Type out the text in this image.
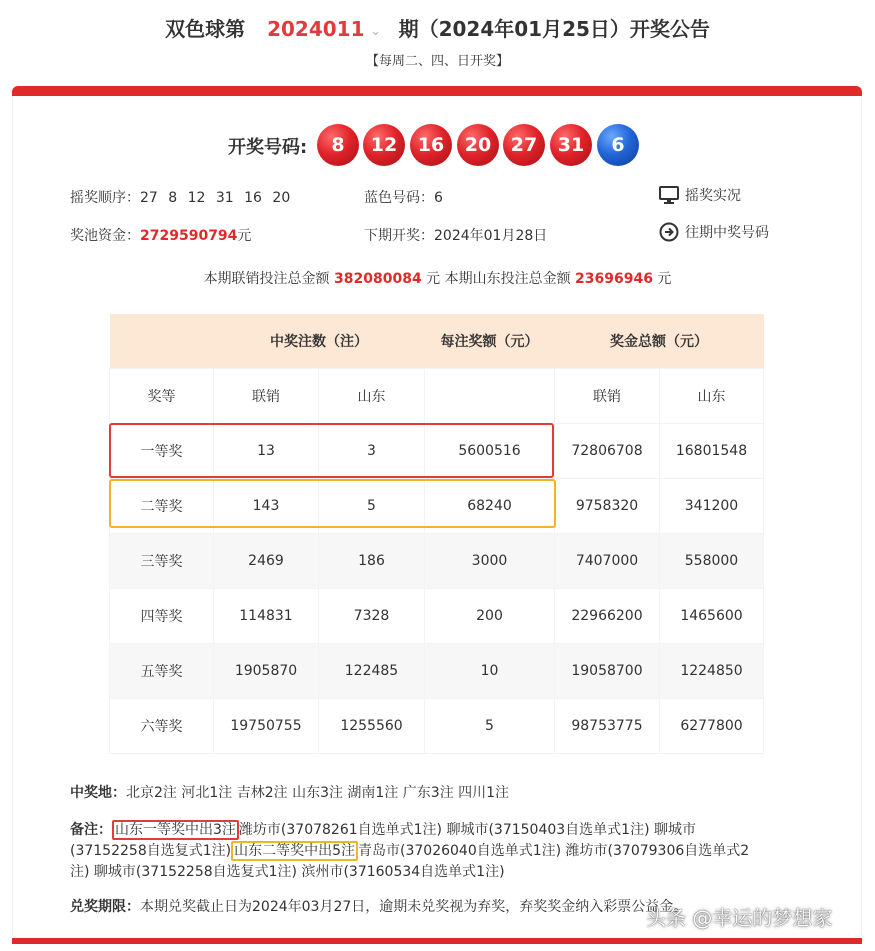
双色球第 2024011 ⌄ 期（2024年01月25日）开奖公告
【每周二、四、日开奖】
开奖号码:	8	12	16	20	27	31	6
摇奖顺序：27 8 12 31 16 20	蓝色号码：6	摇奖实况
奖池资金：2729590794元	下期开奖：2024年01月28日	往期中奖号码
本期联销投注总金额 382080084 元 本期山东投注总金额 23696946 元
	中奖注数（注）		每注奖额（元）	奖金总额（元）	
奖等	联销	山东		联销	山东
一等奖	13	3	5600516	72806708	16801548
二等奖	143	5	68240	9758320	341200
三等奖	2469	186	3000	7407000	558000
四等奖	114831	7328	200	22966200	1465600
五等奖	1905870	122485	10	19058700	1224850
六等奖	19750755	1255560	5	98753775	6277800
中奖地：北京2注 河北1注 吉林2注 山东3注 湖南1注 广东3注 四川1注
备注： 山东一等奖中出3注 潍坊市(37078261自选单式1注) 聊城市(37150403自选单式1注) 聊城市
(37152258自选复式1注) 山东二等奖中出5注 青岛市(37026040自选单式1注) 潍坊市(37079306自选单式2
注) 聊城市(37152258自选复式1注) 滨州市(37160534自选单式1注)
兑奖期限：本期兑奖截止日为2024年03月27日，逾期未兑奖视为弃奖，弃奖奖金纳入彩票公益金。
头条 @幸运的梦想家
